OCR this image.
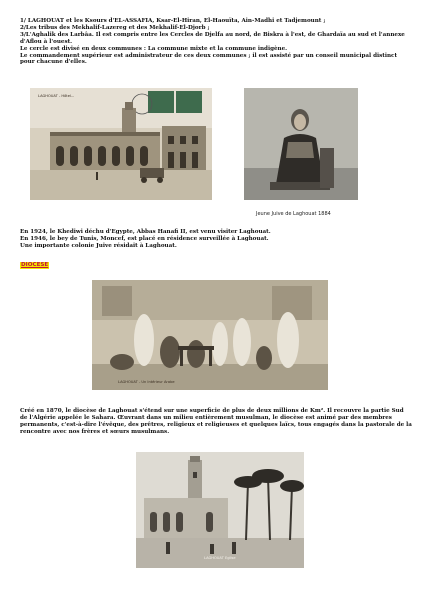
1/ LAGHOUAT et les Ksours d'EL-ASSAFIA, Ksar-El-Hiran, El-Haouïta, Ain-Madhi et Tadjemount ;
2/Les tribus des Mekhalif-Lazereg et des Mekhalif-El-Djorb ;
3/L'Aghalik des Larbâa. Il est compris entre les Cercles de Djelfa au nord, de Biskra à l'est, de Ghardaïa au sud et l'annexe d'Aflou à l'ouest.
Le cercle est divisé en deux communes : La commune mixte et la commune indigène.
Le commandement supérieur est administrateur de ces deux communes ; il est assisté par un conseil municipal distinct pour chacune d'elles.
LAGHOUAT - Hôtel...
Jeune Juive de Laghouat 1884
En 1924, le Khediwi déchu d'Egypte, Abbas Hanafi II, est venu visiter Laghouat.
En 1946, le bey de Tunis, Moncef, est placé en résidence surveillée à Laghouat.
Une importante colonie Juive résidait à Laghouat.
DIOCESE
LAGHOUAT - Un Intérieur Arabe
Créé en 1870, le diocèse de Laghouat s'étend sur une superficie de plus de deux millions de Km². Il recouvre la partie Sud de l'Algérie appelée le Sahara. Œuvrant dans un milieu entièrement musulman, le diocèse est animé par des membres permanents, c'est-à-dire l'évêque, des prêtres, religieux et religieuses et quelques laïcs, tous engagés dans la pastorale de la rencontre avec nos frères et sœurs musulmans.
LAGHOUAT Eglise
